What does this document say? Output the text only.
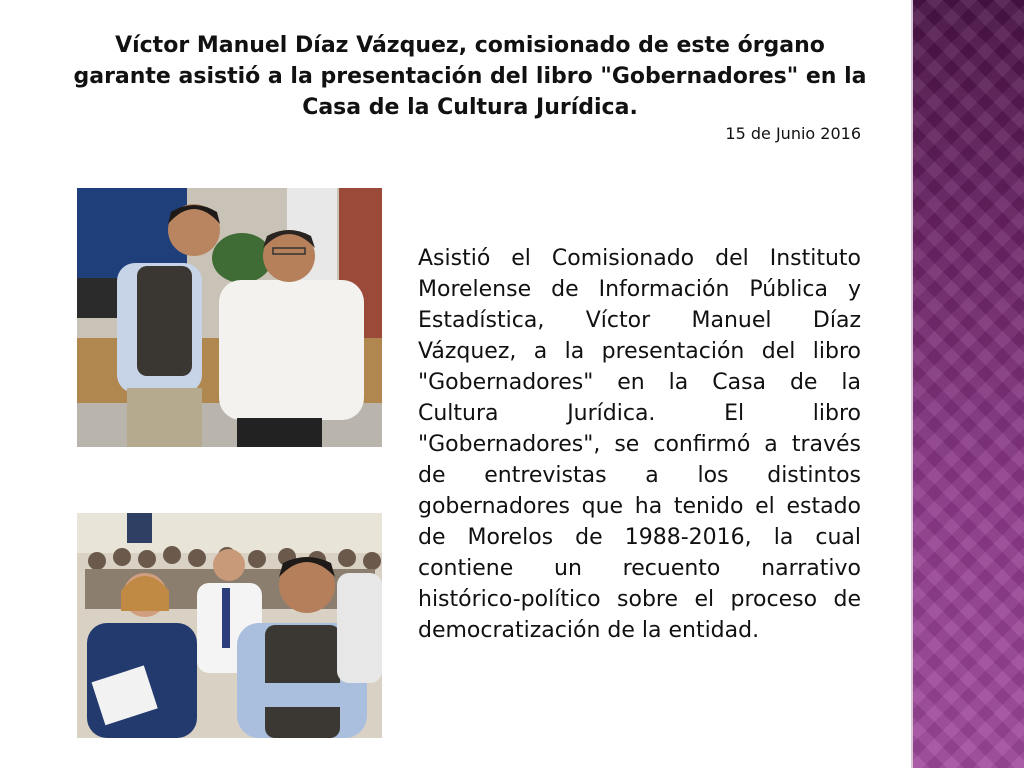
Víctor Manuel Díaz Vázquez, comisionado de este órgano garante asistió a la presentación del libro "Gobernadores" en la Casa de la Cultura Jurídica.
15 de Junio 2016

Asistió el Comisionado del Instituto Morelense de Información Pública y Estadística, Víctor Manuel Díaz Vázquez, a la presentación del libro "Gobernadores" en la Casa de la Cultura Jurídica. El libro "Gobernadores", se confirmó a través de entrevistas a los distintos gobernadores que ha tenido el estado de Morelos de 1988-2016, la cual contiene un recuento narrativo histórico-político sobre el proceso de democratización de la entidad.
